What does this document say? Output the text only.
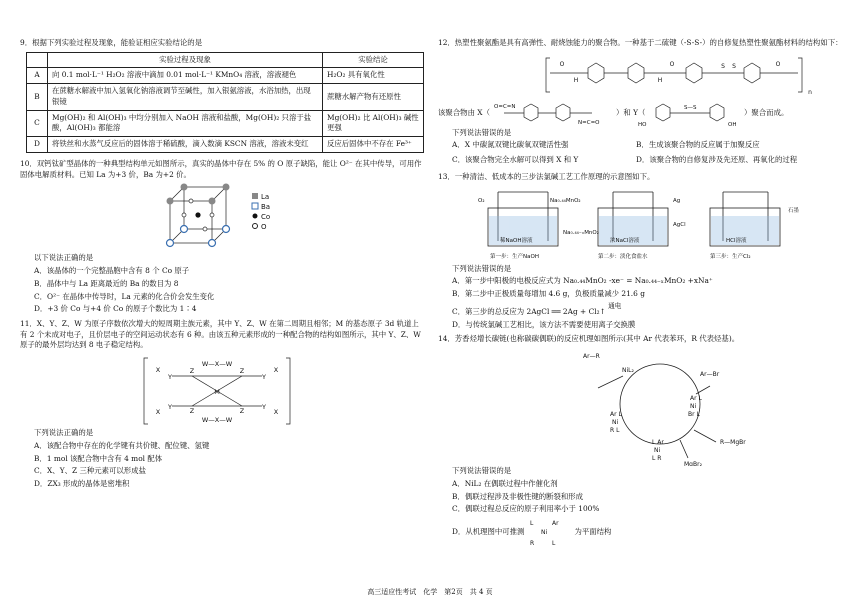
9．根据下列实验过程及现象，能验证相应实验结论的是
	实验过程及现象	实验结论
A	向 0.1 mol·L⁻¹ H₂O₂ 溶液中滴加 0.01 mol·L⁻¹ KMnO₄ 溶液，溶液褪色	H₂O₂ 具有氧化性
B	在蔗糖水解液中加入氢氧化钠溶液调节至碱性，加入银氨溶液，水浴加热，出现银镜	蔗糖水解产物有还原性
C	Mg(OH)₂ 和 Al(OH)₃ 中均分别加入 NaOH 溶液和盐酸，Mg(OH)₂ 只溶于盐酸，Al(OH)₃ 都能溶	Mg(OH)₂ 比 Al(OH)₃ 碱性更强
D	将铁丝和水蒸气反应后的固体溶于稀硫酸，滴入数滴 KSCN 溶液，溶液未变红	反应后固体中不存在 Fe³⁺
10．双钙钛矿型晶体的一种典型结构单元如图所示，真实的晶体中存在 5% 的 O 原子缺陷，能让 O²⁻ 在其中传导，可用作固体电解质材料。已知 La 为+3 价，Ba 为+2 价。
La
Ba
Co
O
以下说法正确的是
A．该晶体的一个完整晶胞中含有 8 个 Co 原子
B．晶体中与 La 距离最近的 Ba 的数目为 8
C．O²⁻ 在晶体中传导时，La 元素的化合价会发生变化
D．+3 价 Co 与+4 价 Co 的原子个数比为 1∶4
11．X、Y、Z、W 为原子序数依次增大的短周期主族元素，其中 Y、Z、W 在第二周期且相邻；M 的基态原子 3d 轨道上有 2 个未成对电子，且价层电子的空间运动状态有 6 种。由该五种元素形成的一种配合物的结构如图所示，其中 Y、Z、W 原子的最外层均达到 8 电子稳定结构。
M
Z	Z
Z	Z
W—X—W
W—X—W
Y	Y
Y	Y
X	X
X	X
下列说法正确的是
A．该配合物中存在的化学键有共价键、配位键、氢键
B．1 mol 该配合物中含有 4 mol 配体
C．X、Y、Z 三种元素可以形成盐
D．ZX₃ 形成的晶体是密堆积
12．热塑性聚氨酯是具有高弹性、耐烧蚀能力的聚合物。一种基于二硫键（-S-S-）的自修复热塑性聚氨酯材料的结构如下：
O
H	H
O	S S	O
n
该聚合物由 X（
O=C=N
N=C=O
）和 Y（
HO
S—S
OH
）聚合而成。
下列说法错误的是
A．X 中碳氮双键比碳氧双键活性强	B．生成该聚合物的反应属于加聚反应
C．该聚合物完全水解可以得到 X 和 Y	D．该聚合物的自修复涉及先还原、再氧化的过程
13．一种清洁、低成本的三步法氯碱工艺工作原理的示意图如下。
O₂	Na₀.₄₄MnO₂
Na₀.₄₄₋ₓMnO₂
Ag
AgCl
石墨
稀NaOH溶液	浓NaCl溶液	HCl溶液
第一步：生产NaOH	第二步：淡化食盐水	第三步：生产Cl₂
下列说法错误的是
A．第一步中阳极的电极反应式为 Na₀.₄₄MnO₂ -xe⁻ = Na₀.₄₄₋ₓMnO₂ +xNa⁺
B．第二步中正极质量每增加 4.6 g，负极质量减少 21.6 g
C．第三步的总反应为 2AgCl ══ 2Ag + Cl₂↑ 通电
D．与传统氯碱工艺相比，该方法不需要使用离子交换膜
14．芳香烃增长碳链(也称碳碳偶联)的反应机理如图所示(其中 Ar 代表苯环，R 代表烃基)。
Ar—R
NiL₂
Ar—Br
R—MgBr
MgBr₂
Ar L
Ni
Br L
Ar L
Ni
R L
L Ar
Ni
L R
下列说法错误的是
A．NiL₂ 在偶联过程中作催化剂
B．偶联过程涉及非极性键的断裂和形成
C．偶联过程总反应的原子利用率小于 100%
D．从机理图中可推测
L	Ar
Ni
R	L
为平面结构
高三适应性考试　化学　第2页　共 4 页
